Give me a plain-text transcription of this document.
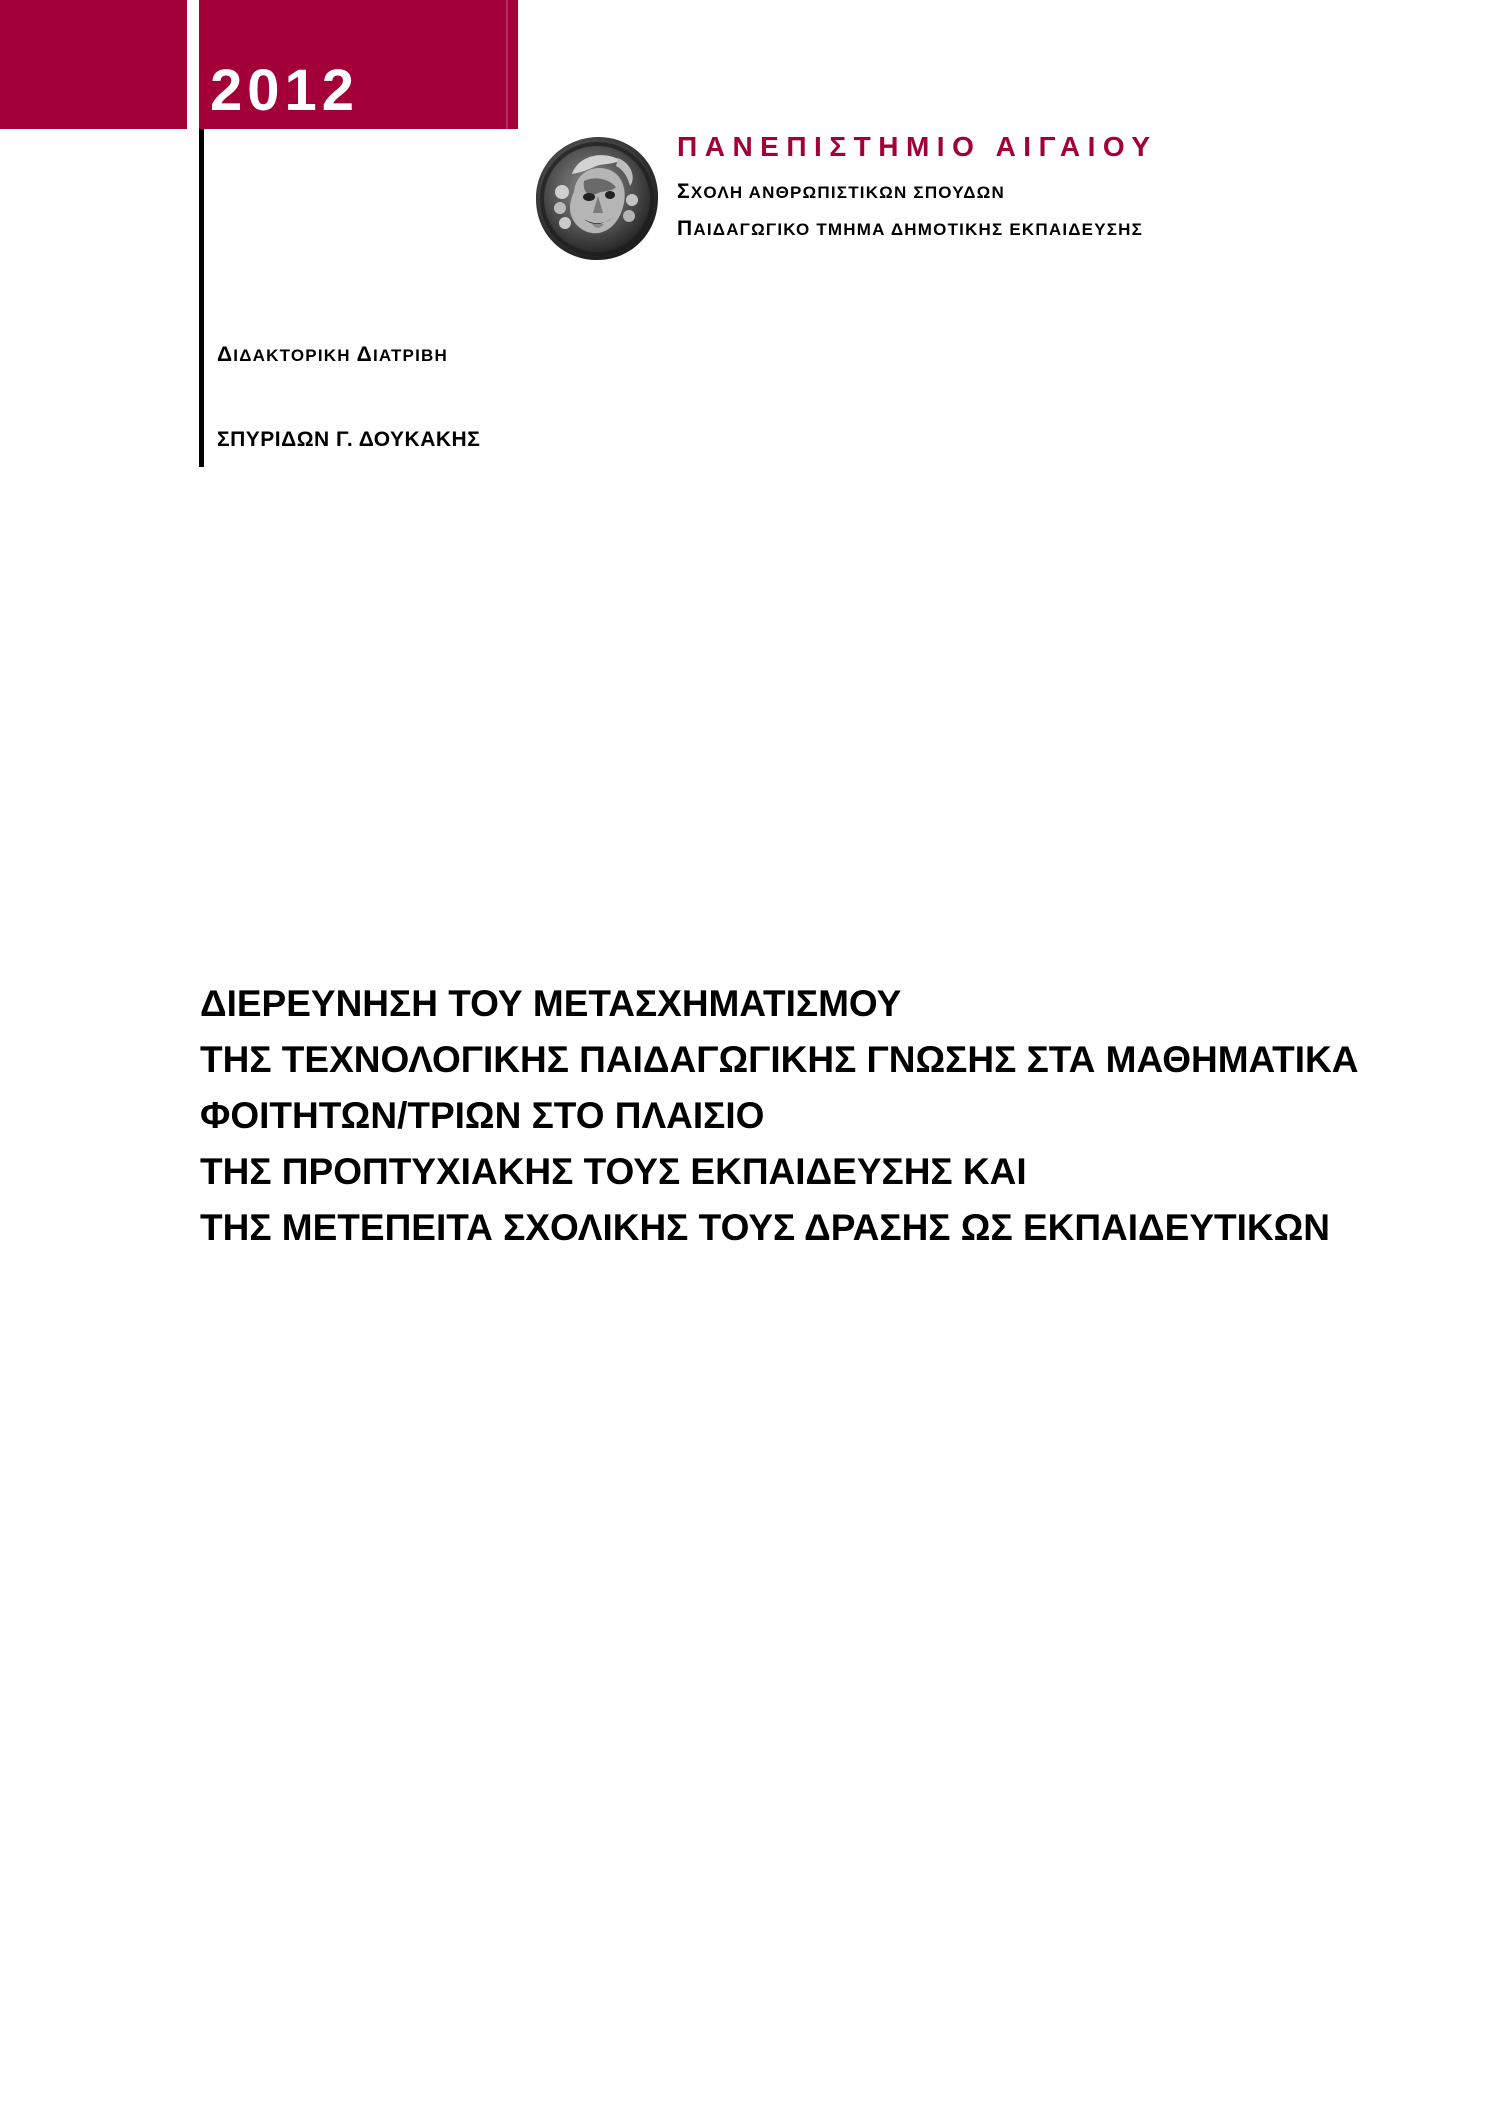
2012
ΠΑΝΕΠΙΣΤΗΜΙΟ ΑΙΓΑΙΟΥ
ΣΧΟΛΗ ΑΝΘΡΩΠΙΣΤΙΚΩΝ ΣΠΟΥΔΩΝ
ΠΑΙΔΑΓΩΓΙΚΟ ΤΜΗΜΑ ΔΗΜΟΤΙΚΗΣ ΕΚΠΑΙΔΕΥΣΗΣ
ΔΙΔΑΚΤΟΡΙΚΗ ΔΙΑΤΡΙΒΗ
ΣΠΥΡΙΔΩΝ Γ. ΔΟΥΚΑΚΗΣ
ΔΙΕΡΕΥΝΗΣΗ ΤΟΥ ΜΕΤΑΣΧΗΜΑΤΙΣΜΟΥ
ΤΗΣ ΤΕΧΝΟΛΟΓΙΚΗΣ ΠΑΙΔΑΓΩΓΙΚΗΣ ΓΝΩΣΗΣ ΣΤΑ ΜΑΘΗΜΑΤΙΚΑ
ΦΟΙΤΗΤΩΝ/ΤΡΙΩΝ ΣΤΟ ΠΛΑΙΣΙΟ
ΤΗΣ ΠΡΟΠΤΥΧΙΑΚΗΣ ΤΟΥΣ ΕΚΠΑΙΔΕΥΣΗΣ ΚΑΙ
ΤΗΣ ΜΕΤΕΠΕΙΤΑ ΣΧΟΛΙΚΗΣ ΤΟΥΣ ΔΡΑΣΗΣ ΩΣ ΕΚΠΑΙΔΕΥΤΙΚΩΝ
